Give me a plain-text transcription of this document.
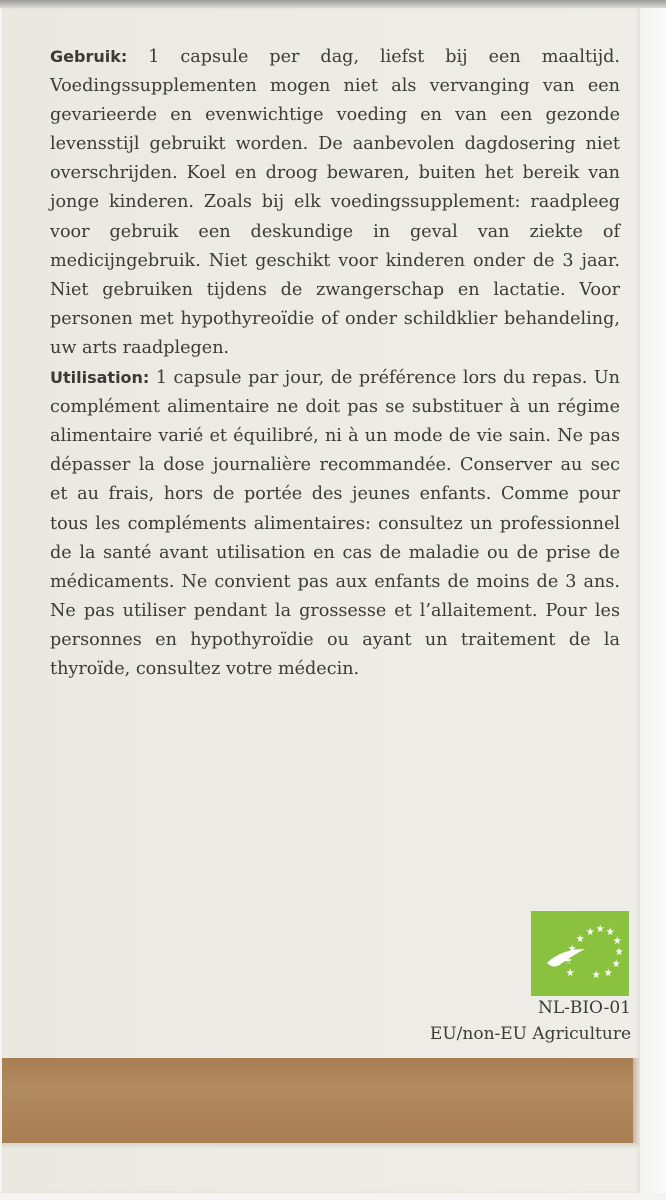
Gebruik: 1 capsule per dag, liefst bij een maaltijd. Voedingssupplementen mogen niet als vervanging van een gevarieerde en evenwichtige voeding en van een gezonde levensstijl gebruikt worden. De aanbevolen dagdosering niet overschrijden. Koel en droog bewaren, buiten het bereik van jonge kinderen. Zoals bij elk voedingssupplement: raadpleeg voor gebruik een deskundige in geval van ziekte of medicijngebruik. Niet geschikt voor kinderen onder de 3 jaar. Niet gebruiken tijdens de zwangerschap en lactatie. Voor personen met hypothyreoïdie of onder schildklier behandeling, uw arts raadplegen.

Utilisation: 1 capsule par jour, de préférence lors du repas. Un complément alimentaire ne doit pas se substituer à un régime alimentaire varié et équilibré, ni à un mode de vie sain. Ne pas dépasser la dose journalière recommandée. Conserver au sec et au frais, hors de portée des jeunes enfants. Comme pour tous les compléments alimentaires: consultez un professionnel de la santé avant utilisation en cas de maladie ou de prise de médicaments. Ne convient pas aux enfants de moins de 3 ans. Ne pas utiliser pendant la grossesse et l’allaitement. Pour les personnes en hypothyroïdie ou ayant un traitement de la thyroïde, consultez votre médecin.

NL-BIO-01
EU/non-EU Agriculture
